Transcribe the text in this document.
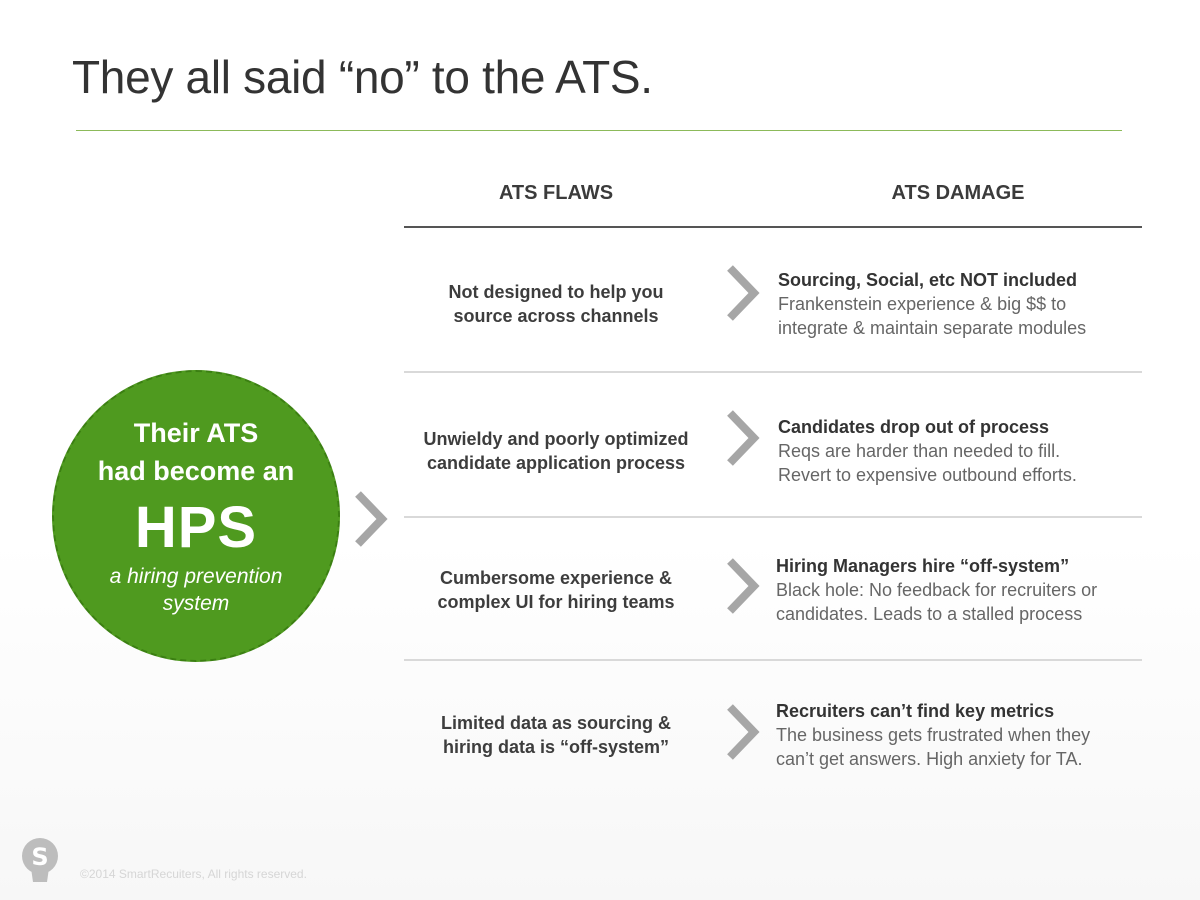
They all said “no” to the ATS.
ATS FLAWS	ATS DAMAGE
Their ATS
had become an
HPS
a hiring prevention
system
Not designed to help you
source across channels
Sourcing, Social, etc NOT included
Frankenstein experience & big $$ to
integrate & maintain separate modules
Unwieldy and poorly optimized
candidate application process
Candidates drop out of process
Reqs are harder than needed to fill.
Revert to expensive outbound efforts.
Cumbersome experience &
complex UI for hiring teams
Hiring Managers hire “off-system”
Black hole: No feedback for recruiters or
candidates. Leads to a stalled process
Limited data as sourcing &
hiring data is “off-system”
Recruiters can’t find key metrics
The business gets frustrated when they
can’t get answers. High anxiety for TA.
S
©2014 SmartRecuiters, All rights reserved.
